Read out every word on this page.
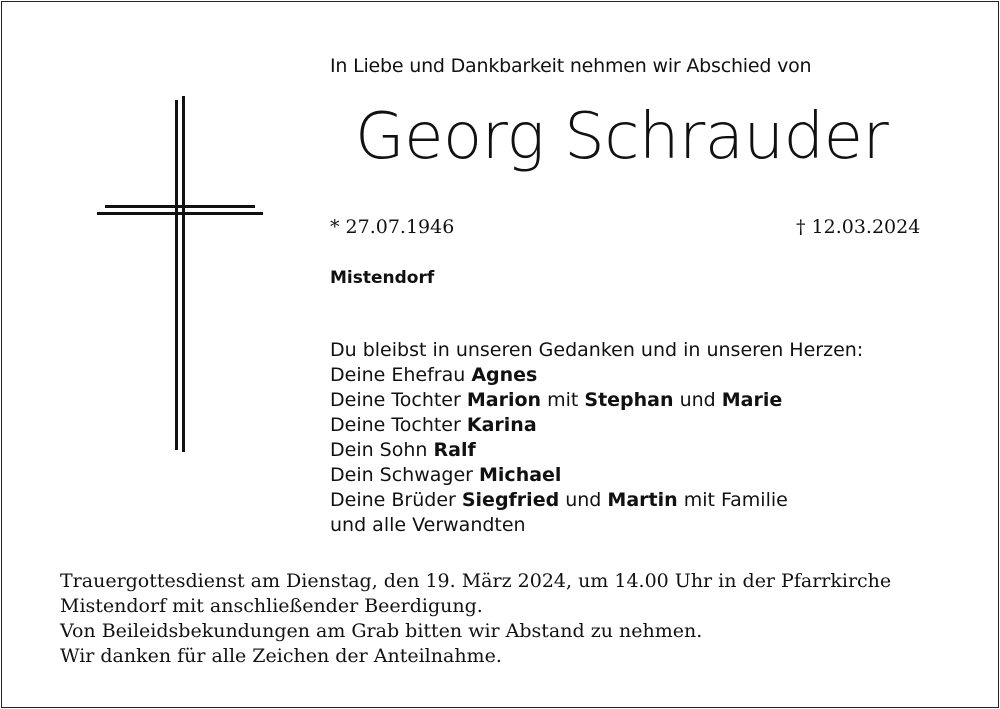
In Liebe und Dankbarkeit nehmen wir Abschied von
Georg Schrauder
* 27.07.1946	† 12.03.2024
Mistendorf
Du bleibst in unseren Gedanken und in unseren Herzen:
Deine Ehefrau Agnes
Deine Tochter Marion mit Stephan und Marie
Deine Tochter Karina
Dein Sohn Ralf
Dein Schwager Michael
Deine Brüder Siegfried und Martin mit Familie
und alle Verwandten
Trauergottesdienst am Dienstag, den 19. März 2024, um 14.00 Uhr in der Pfarrkirche
Mistendorf mit anschließender Beerdigung.
Von Beileidsbekundungen am Grab bitten wir Abstand zu nehmen.
Wir danken für alle Zeichen der Anteilnahme.
